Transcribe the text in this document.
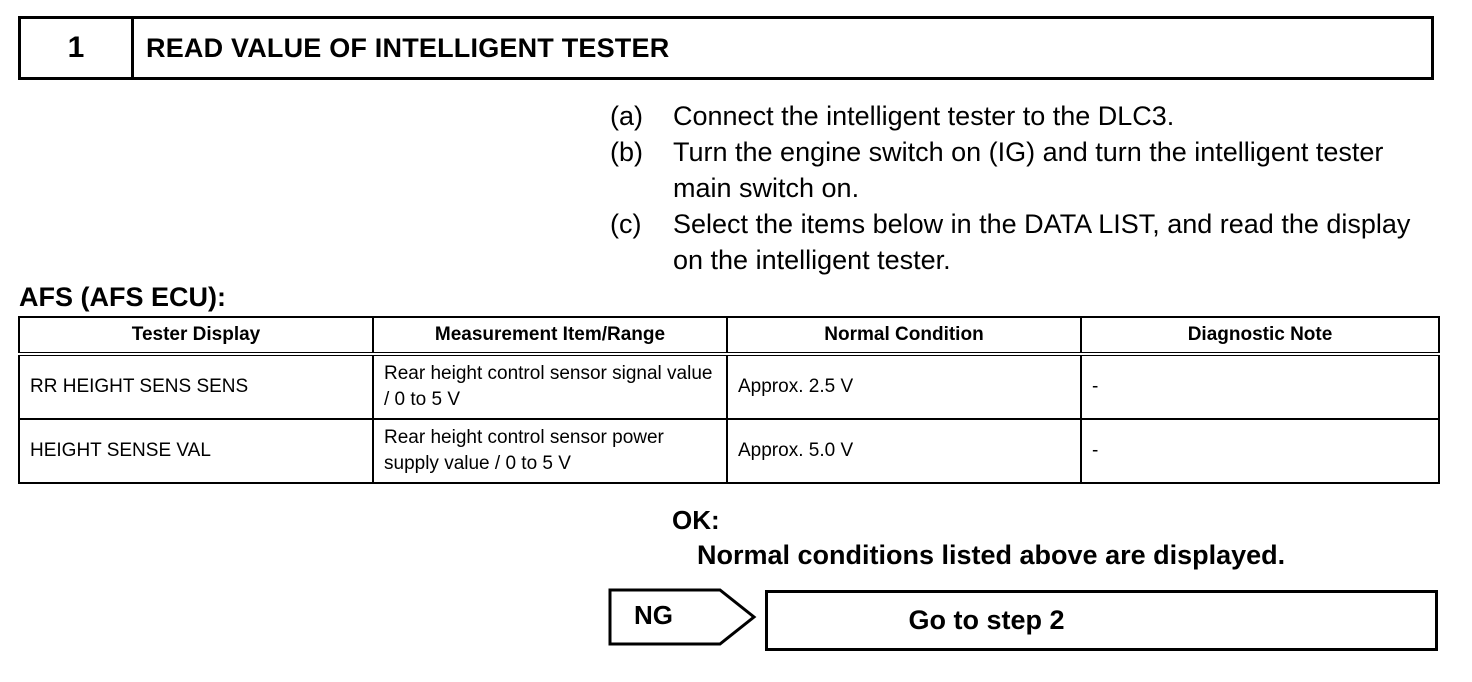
1	READ VALUE OF INTELLIGENT TESTER
(a)	Connect the intelligent tester to the DLC3.
(b)	Turn the engine switch on (IG) and turn the intelligent tester main switch on.
(c)	Select the items below in the DATA LIST, and read the display on the intelligent tester.
AFS (AFS ECU):
Tester Display	Measurement Item/Range	Normal Condition	Diagnostic Note
RR HEIGHT SENS SENS	Rear height control sensor signal value / 0 to 5 V	Approx. 2.5 V	-
HEIGHT SENSE VAL	Rear height control sensor power supply value / 0 to 5 V	Approx. 5.0 V	-
OK:
Normal conditions listed above are displayed.
NG	Go to step 2
